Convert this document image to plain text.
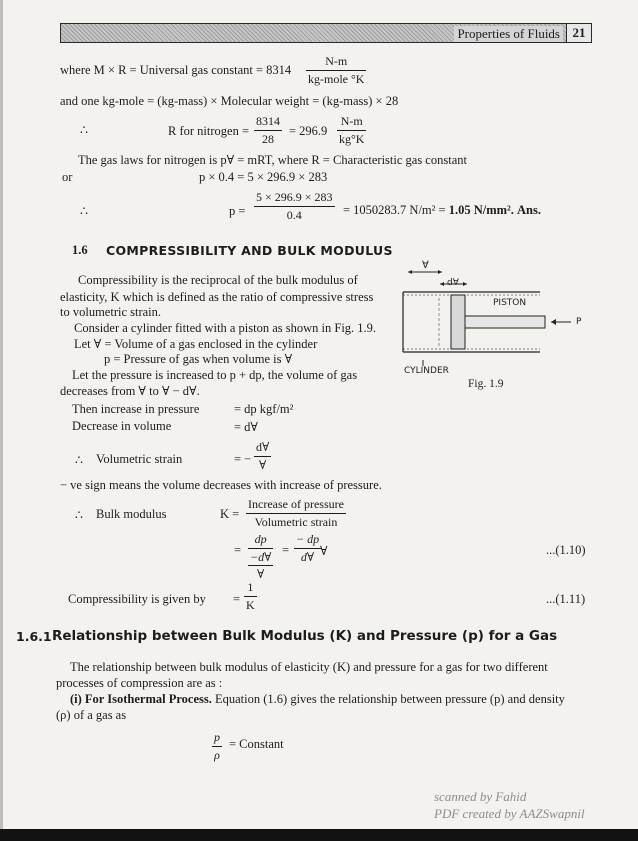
Properties of Fluids 21
where M × R = Universal gas constant = 8314
N-m
kg-mole °K
and one kg-mole = (kg-mass) × Molecular weight = (kg-mass) × 28
∴	R for nitrogen = $\frac{8314}{28} = 296.9 \frac{N-m}{kg^\circ K}$
The gas laws for nitrogen is p∀ = mRT, where R = Characteristic gas constant
or	p × 0.4 = 5 × 296.9 × 283
∴	$p = \frac{5 \times 296.9 \times 283}{0.4} = 1050283.7$ N/m² = 1.05 N/mm². Ans.
1.6 COMPRESSIBILITY AND BULK MODULUS
Compressibility is the reciprocal of the bulk modulus of
elasticity, K which is defined as the ratio of compressive stress
to volumetric strain.
Consider a cylinder fitted with a piston as shown in Fig. 1.9.
Let ∀ = Volume of a gas enclosed in the cylinder
p = Pressure of gas when volume is ∀
Let the pressure is increased to p + dp, the volume of gas
decreases from ∀ to ∀ − d∀.
Then increase in pressure	= dp kgf/m²
Decrease in volume	= d∀
∴ Volumetric strain	= −
d∀
∀
− ve sign means the volume decreases with increase of pressure.
∴ Bulk modulus	K =
Increase of pressure
Volumetric strain
=
dp
−d∀
∀
= $\frac{- dp}{d\forall}$
∀	...(1.10)
Compressibility is given by = $\frac{1}{K}$	...(1.11)
∀
d∀
PISTON
P
CYLINDER
Fig. 1.9
1.6.1 Relationship between Bulk Modulus (K) and Pressure (p) for a Gas
The relationship between bulk modulus of elasticity (K) and pressure for a gas for two different
processes of compression are as :
(i) For Isothermal Process. Equation (1.6) gives the relationship between pressure (p) and density
(ρ) of a gas as
$\frac{p}{\rho}$ = Constant
scanned by Fahid
PDF created by AAZSwapnil
